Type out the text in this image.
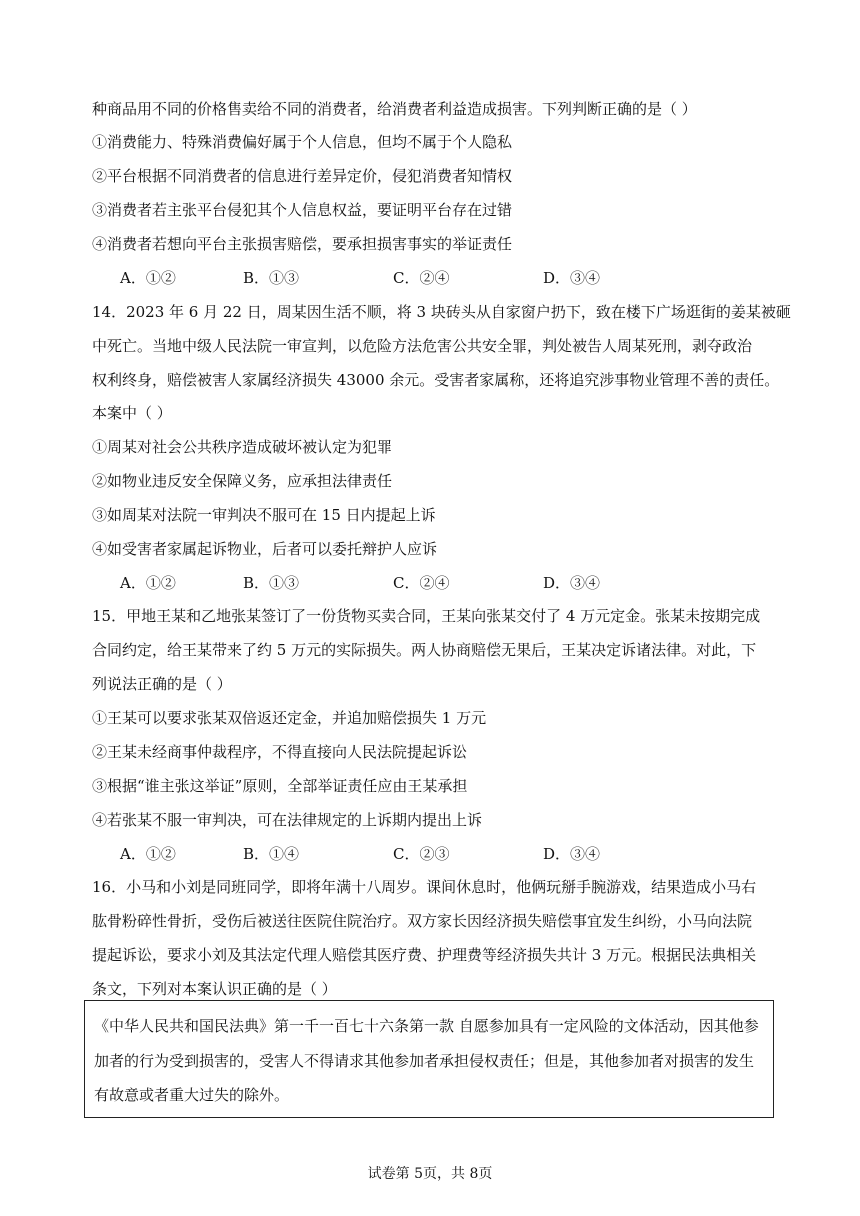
种商品用不同的价格售卖给不同的消费者，给消费者利益造成损害。下列判断正确的是（ ）
①消费能力、特殊消费偏好属于个人信息，但均不属于个人隐私
②平台根据不同消费者的信息进行差异定价，侵犯消费者知情权
③消费者若主张平台侵犯其个人信息权益，要证明平台存在过错
④消费者若想向平台主张损害赔偿，要承担损害事实的举证责任
A．①②	B．①③	C．②④	D．③④
14．2023 年 6 月 22 日，周某因生活不顺，将 3 块砖头从自家窗户扔下，致在楼下广场逛街的姜某被砸
中死亡。当地中级人民法院一审宣判，以危险方法危害公共安全罪，判处被告人周某死刑，剥夺政治
权利终身，赔偿被害人家属经济损失 43000 余元。受害者家属称，还将追究涉事物业管理不善的责任。
本案中（ ）
①周某对社会公共秩序造成破坏被认定为犯罪
②如物业违反安全保障义务，应承担法律责任
③如周某对法院一审判决不服可在 15 日内提起上诉
④如受害者家属起诉物业，后者可以委托辩护人应诉
A．①②	B．①③	C．②④	D．③④
15．甲地王某和乙地张某签订了一份货物买卖合同，王某向张某交付了 4 万元定金。张某未按期完成
合同约定，给王某带来了约 5 万元的实际损失。两人协商赔偿无果后，王某决定诉诸法律。对此，下
列说法正确的是（ ）
①王某可以要求张某双倍返还定金，并追加赔偿损失 1 万元
②王某未经商事仲裁程序，不得直接向人民法院提起诉讼
③根据“谁主张这举证”原则，全部举证责任应由王某承担
④若张某不服一审判决，可在法律规定的上诉期内提出上诉
A．①②	B．①④	C．②③	D．③④
16．小马和小刘是同班同学，即将年满十八周岁。课间休息时，他俩玩掰手腕游戏，结果造成小马右
肱骨粉碎性骨折，受伤后被送往医院住院治疗。双方家长因经济损失赔偿事宜发生纠纷，小马向法院
提起诉讼，要求小刘及其法定代理人赔偿其医疗费、护理费等经济损失共计 3 万元。根据民法典相关
条文，下列对本案认识正确的是（ ）
《中华人民共和国民法典》第一千一百七十六条第一款 自愿参加具有一定风险的文体活动，因其他参
加者的行为受到损害的，受害人不得请求其他参加者承担侵权责任；但是，其他参加者对损害的发生
有故意或者重大过失的除外。
试卷第 5页，共 8页
